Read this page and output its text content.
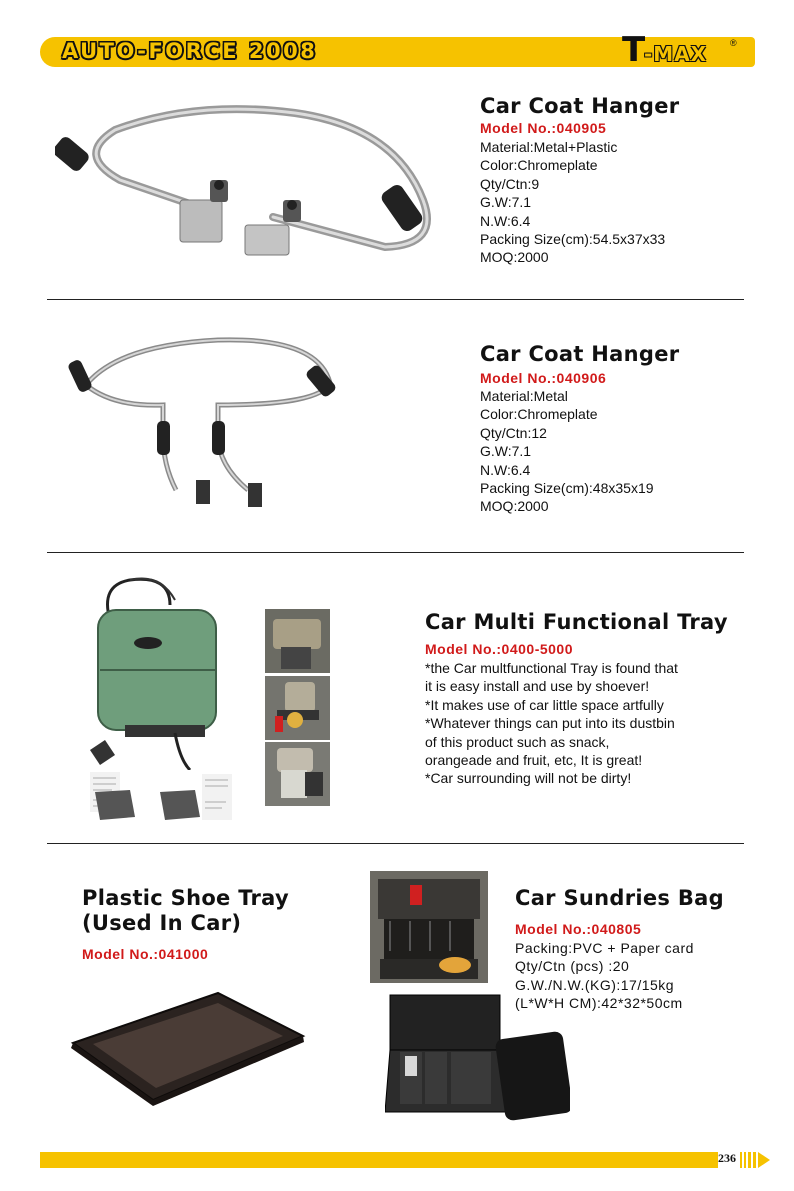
AUTO-FORCE 2008	T
-MAX	®
Car Coat Hanger
Model No.:040905
Material:Metal+Plastic
Color:Chromeplate
Qty/Ctn:9
G.W:7.1
N.W:6.4
Packing Size(cm):54.5x37x33
MOQ:2000
Car Coat Hanger
Model No.:040906
Material:Metal
Color:Chromeplate
Qty/Ctn:12
G.W:7.1
N.W:6.4
Packing Size(cm):48x35x19
MOQ:2000
Car Multi Functional Tray
Model No.:0400-5000
*the Car multfunctional Tray is found that
it is easy install and use by shoever!
*It makes use of car little space artfully
*Whatever things can put into its dustbin
of this product such as snack,
orangeade and fruit, etc, It is great!
*Car surrounding will not be dirty!
Plastic Shoe Tray
(Used In Car)
Model No.:041000
Car Sundries Bag
Model No.:040805
Packing:PVC + Paper card
Qty/Ctn (pcs) :20
G.W./N.W.(KG):17/15kg
(L*W*H CM):42*32*50cm
236
